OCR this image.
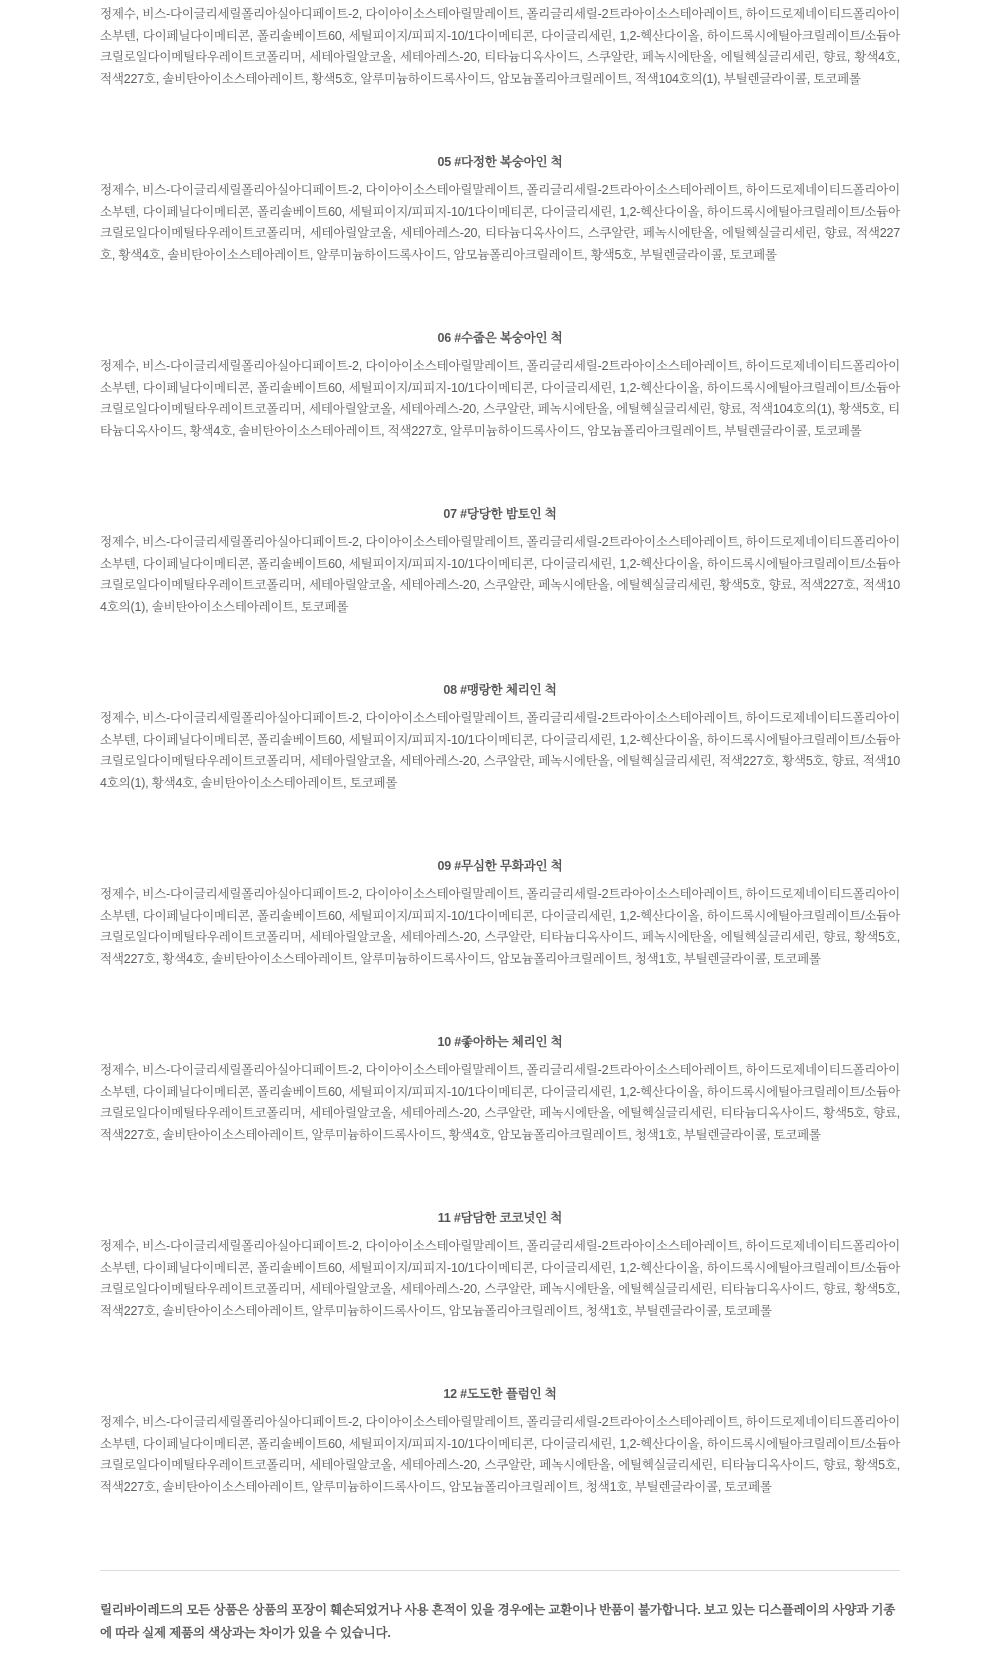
정제수, 비스-다이글리세릴폴리아실아디페이트-2, 다이아이소스테아릴말레이트, 폴리글리세릴-2트라아이소스테아레이트, 하이드로제네이티드폴리아이소부텐, 다이페닐다이메티콘, 폴리솔베이트60, 세틸피이지/피피지-10/1다이메티콘, 다이글리세린, 1,2-헥산다이올, 하이드록시에틸아크릴레이트/소듐아크릴로일다이메틸타우레이트코폴리머, 세테아릴알코올, 세테아레스-20, 티타늄디옥사이드, 스쿠알란, 페녹시에탄올, 에틸헥실글리세린, 향료, 황색4호, 적색227호, 솔비탄아이소스테아레이트, 황색5호, 알루미늄하이드록사이드, 암모늄폴리아크릴레이트, 적색104호의(1), 부틸렌글라이콜, 토코페롤

05 #다정한 복숭아인 척

정제수, 비스-다이글리세릴폴리아실아디페이트-2, 다이아이소스테아릴말레이트, 폴리글리세릴-2트라아이소스테아레이트, 하이드로제네이티드폴리아이소부텐, 다이페닐다이메티콘, 폴리솔베이트60, 세틸피이지/피피지-10/1다이메티콘, 다이글리세린, 1,2-헥산다이올, 하이드록시에틸아크릴레이트/소듐아크릴로일다이메틸타우레이트코폴리머, 세테아릴알코올, 세테아레스-20, 티타늄디옥사이드, 스쿠알란, 페녹시에탄올, 에틸헥실글리세린, 향료, 적색227호, 황색4호, 솔비탄아이소스테아레이트, 알루미늄하이드록사이드, 암모늄폴리아크릴레이트, 황색5호, 부틸렌글라이콜, 토코페롤

06 #수줍은 복숭아인 척

정제수, 비스-다이글리세릴폴리아실아디페이트-2, 다이아이소스테아릴말레이트, 폴리글리세릴-2트라아이소스테아레이트, 하이드로제네이티드폴리아이소부텐, 다이페닐다이메티콘, 폴리솔베이트60, 세틸피이지/피피지-10/1다이메티콘, 다이글리세린, 1,2-헥산다이올, 하이드록시에틸아크릴레이트/소듐아크릴로일다이메틸타우레이트코폴리머, 세테아릴알코올, 세테아레스-20, 스쿠알란, 페녹시에탄올, 에틸헥실글리세린, 향료, 적색104호의(1), 황색5호, 티타늄디옥사이드, 황색4호, 솔비탄아이소스테아레이트, 적색227호, 알루미늄하이드록사이드, 암모늄폴리아크릴레이트, 부틸렌글라이콜, 토코페롤

07 #당당한 밤토인 척

정제수, 비스-다이글리세릴폴리아실아디페이트-2, 다이아이소스테아릴말레이트, 폴리글리세릴-2트라아이소스테아레이트, 하이드로제네이티드폴리아이소부텐, 다이페닐다이메티콘, 폴리솔베이트60, 세틸피이지/피피지-10/1다이메티콘, 다이글리세린, 1,2-헥산다이올, 하이드록시에틸아크릴레이트/소듐아크릴로일다이메틸타우레이트코폴리머, 세테아릴알코올, 세테아레스-20, 스쿠알란, 페녹시에탄올, 에틸헥실글리세린, 황색5호, 향료, 적색227호, 적색104호의(1), 솔비탄아이소스테아레이트, 토코페롤

08 #맹랑한 체리인 척

정제수, 비스-다이글리세릴폴리아실아디페이트-2, 다이아이소스테아릴말레이트, 폴리글리세릴-2트라아이소스테아레이트, 하이드로제네이티드폴리아이소부텐, 다이페닐다이메티콘, 폴리솔베이트60, 세틸피이지/피피지-10/1다이메티콘, 다이글리세린, 1,2-헥산다이올, 하이드록시에틸아크릴레이트/소듐아크릴로일다이메틸타우레이트코폴리머, 세테아릴알코올, 세테아레스-20, 스쿠알란, 페녹시에탄올, 에틸헥실글리세린, 적색227호, 황색5호, 향료, 적색104호의(1), 황색4호, 솔비탄아이소스테아레이트, 토코페롤

09 #무심한 무화과인 척

정제수, 비스-다이글리세릴폴리아실아디페이트-2, 다이아이소스테아릴말레이트, 폴리글리세릴-2트라아이소스테아레이트, 하이드로제네이티드폴리아이소부텐, 다이페닐다이메티콘, 폴리솔베이트60, 세틸피이지/피피지-10/1다이메티콘, 다이글리세린, 1,2-헥산다이올, 하이드록시에틸아크릴레이트/소듐아크릴로일다이메틸타우레이트코폴리머, 세테아릴알코올, 세테아레스-20, 스쿠알란, 티타늄디옥사이드, 페녹시에탄올, 에틸헥실글리세린, 향료, 황색5호, 적색227호, 황색4호, 솔비탄아이소스테아레이트, 알루미늄하이드록사이드, 암모늄폴리아크릴레이트, 청색1호, 부틸렌글라이콜, 토코페롤

10 #좋아하는 체리인 척

정제수, 비스-다이글리세릴폴리아실아디페이트-2, 다이아이소스테아릴말레이트, 폴리글리세릴-2트라아이소스테아레이트, 하이드로제네이티드폴리아이소부텐, 다이페닐다이메티콘, 폴리솔베이트60, 세틸피이지/피피지-10/1다이메티콘, 다이글리세린, 1,2-헥산다이올, 하이드록시에틸아크릴레이트/소듐아크릴로일다이메틸타우레이트코폴리머, 세테아릴알코올, 세테아레스-20, 스쿠알란, 페녹시에탄올, 에틸헥실글리세린, 티타늄디옥사이드, 황색5호, 향료, 적색227호, 솔비탄아이소스테아레이트, 알루미늄하이드록사이드, 황색4호, 암모늄폴리아크릴레이트, 청색1호, 부틸렌글라이콜, 토코페롤

11 #담담한 코코넛인 척

정제수, 비스-다이글리세릴폴리아실아디페이트-2, 다이아이소스테아릴말레이트, 폴리글리세릴-2트라아이소스테아레이트, 하이드로제네이티드폴리아이소부텐, 다이페닐다이메티콘, 폴리솔베이트60, 세틸피이지/피피지-10/1다이메티콘, 다이글리세린, 1,2-헥산다이올, 하이드록시에틸아크릴레이트/소듐아크릴로일다이메틸타우레이트코폴리머, 세테아릴알코올, 세테아레스-20, 스쿠알란, 페녹시에탄올, 에틸헥실글리세린, 티타늄디옥사이드, 향료, 황색5호, 적색227호, 솔비탄아이소스테아레이트, 알루미늄하이드록사이드, 암모늄폴리아크릴레이트, 청색1호, 부틸렌글라이콜, 토코페롤

12 #도도한 플럼인 척

정제수, 비스-다이글리세릴폴리아실아디페이트-2, 다이아이소스테아릴말레이트, 폴리글리세릴-2트라아이소스테아레이트, 하이드로제네이티드폴리아이소부텐, 다이페닐다이메티콘, 폴리솔베이트60, 세틸피이지/피피지-10/1다이메티콘, 다이글리세린, 1,2-헥산다이올, 하이드록시에틸아크릴레이트/소듐아크릴로일다이메틸타우레이트코폴리머, 세테아릴알코올, 세테아레스-20, 스쿠알란, 페녹시에탄올, 에틸헥실글리세린, 티타늄디옥사이드, 향료, 황색5호, 적색227호, 솔비탄아이소스테아레이트, 알루미늄하이드록사이드, 암모늄폴리아크릴레이트, 청색1호, 부틸렌글라이콜, 토코페롤

릴리바이레드의 모든 상품은 상품의 포장이 훼손되었거나 사용 흔적이 있을 경우에는 교환이나 반품이 불가합니다. 보고 있는 디스플레이의 사양과 기종에 따라 실제 제품의 색상과는 차이가 있을 수 있습니다.
